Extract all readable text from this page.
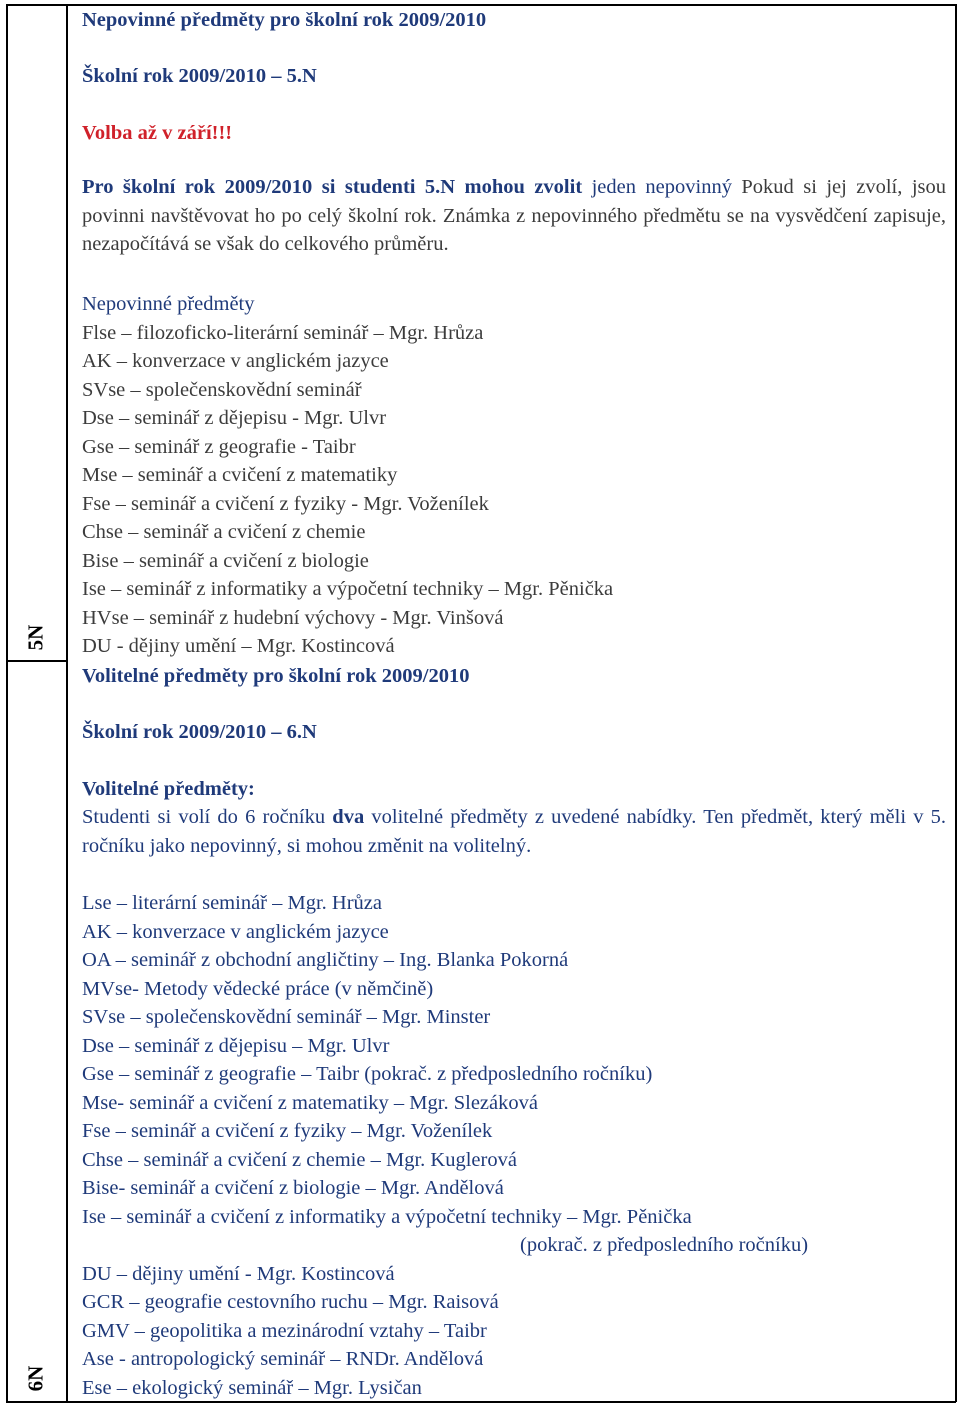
5N
6N
Nepovinné předměty pro školní rok 2009/2010
Školní rok 2009/2010 – 5.N
Volba až v září!!!
Pro školní rok 2009/2010 si studenti 5.N mohou zvolit jeden nepovinný Pokud si jej zvolí, jsou povinni navštěvovat ho po celý školní rok. Známka z nepovinného předmětu se na vysvědčení zapisuje, nezapočítává se však do celkového průměru.
Nepovinné předměty
Flse – filozoficko-literární seminář – Mgr. Hrůza
AK – konverzace v anglickém jazyce
SVse – společenskovědní seminář
Dse – seminář z dějepisu - Mgr. Ulvr
Gse – seminář z geografie - Taibr
Mse – seminář a cvičení z matematiky
Fse – seminář a cvičení z fyziky - Mgr. Voženílek
Chse – seminář a cvičení z chemie
Bise – seminář a cvičení z biologie
Ise – seminář z informatiky a výpočetní techniky – Mgr. Pěnička
HVse – seminář z hudební výchovy - Mgr. Vinšová
DU - dějiny umění – Mgr. Kostincová
Volitelné předměty pro školní rok 2009/2010
Školní rok 2009/2010 – 6.N
Volitelné předměty:
Studenti si volí do 6 ročníku dva volitelné předměty z uvedené nabídky. Ten předmět, který měli v 5. ročníku jako nepovinný, si mohou změnit na volitelný.
Lse – literární seminář – Mgr. Hrůza
AK – konverzace v anglickém jazyce
OA – seminář z obchodní angličtiny – Ing. Blanka Pokorná
MVse- Metody vědecké práce (v němčině)
SVse – společenskovědní seminář – Mgr. Minster
Dse – seminář z dějepisu – Mgr. Ulvr
Gse – seminář z geografie – Taibr (pokrač. z předposledního ročníku)
Mse- seminář a cvičení z matematiky – Mgr. Slezáková
Fse – seminář a cvičení z fyziky – Mgr. Voženílek
Chse – seminář a cvičení z chemie – Mgr. Kuglerová
Bise- seminář a cvičení z biologie – Mgr. Andělová
Ise – seminář a cvičení z informatiky a výpočetní techniky – Mgr. Pěnička
(pokrač. z předposledního ročníku)
DU – dějiny umění - Mgr. Kostincová
GCR – geografie cestovního ruchu – Mgr. Raisová
GMV – geopolitika a mezinárodní vztahy – Taibr
Ase - antropologický seminář – RNDr. Andělová
Ese – ekologický seminář – Mgr. Lysičan
